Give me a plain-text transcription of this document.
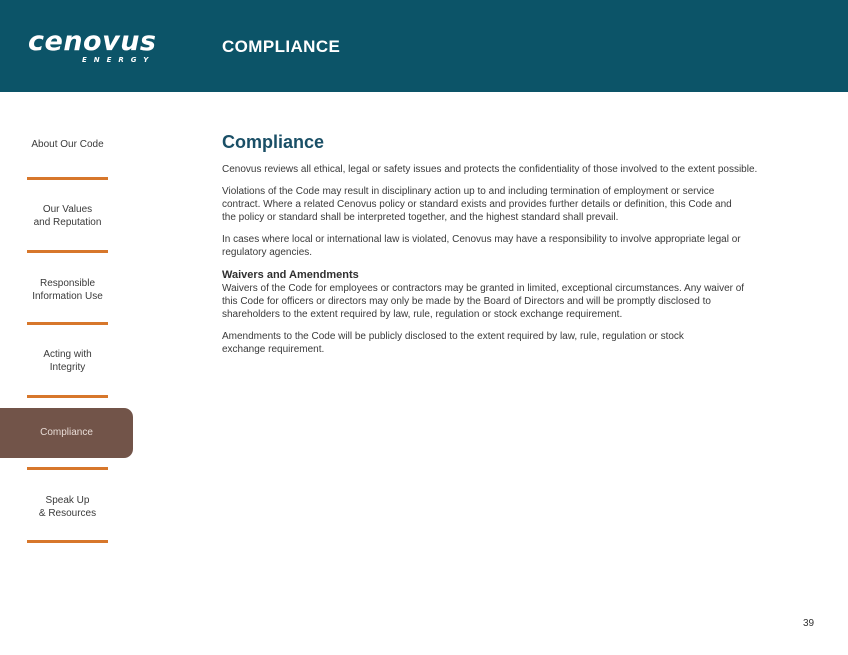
cenovus
ENERGY
COMPLIANCE
About Our Code
Our Values
and Reputation
Responsible
Information Use
Acting with
Integrity
Compliance
Speak Up
& Resources
Compliance

Cenovus reviews all ethical, legal or safety issues and protects the confidentiality of those involved to the extent possible.

Violations of the Code may result in disciplinary action up to and including termination of employment or service contract. Where a related Cenovus policy or standard exists and provides further details or definition, this Code and the policy or standard shall be interpreted together, and the highest standard shall prevail.

In cases where local or international law is violated, Cenovus may have a responsibility to involve appropriate legal or regulatory agencies.

Waivers and Amendments

Waivers of the Code for employees or contractors may be granted in limited, exceptional circumstances. Any waiver of this Code for officers or directors may only be made by the Board of Directors and will be promptly disclosed to shareholders to the extent required by law, rule, regulation or stock exchange requirement.

Amendments to the Code will be publicly disclosed to the extent required by law, rule, regulation or stock exchange requirement.

39
